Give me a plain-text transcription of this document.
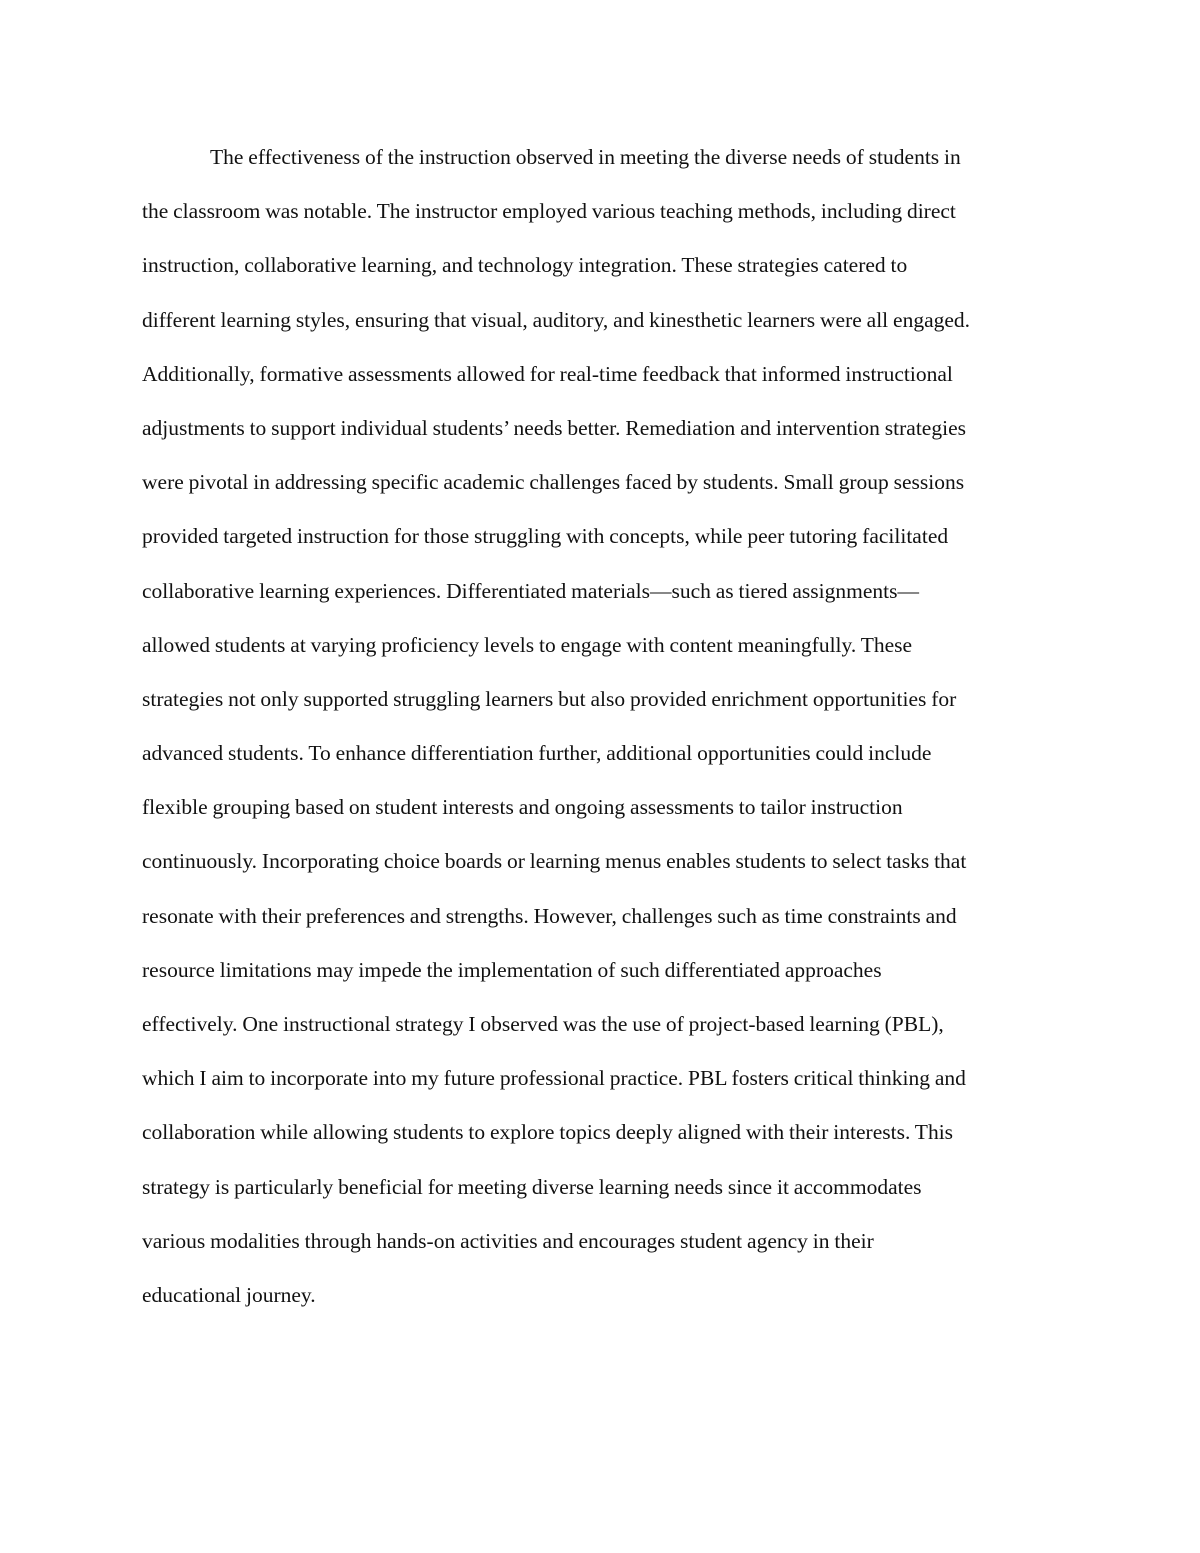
The effectiveness of the instruction observed in meeting the diverse needs of students in
the classroom was notable. The instructor employed various teaching methods, including direct
instruction, collaborative learning, and technology integration. These strategies catered to
different learning styles, ensuring that visual, auditory, and kinesthetic learners were all engaged.
Additionally, formative assessments allowed for real-time feedback that informed instructional
adjustments to support individual students’ needs better. Remediation and intervention strategies
were pivotal in addressing specific academic challenges faced by students. Small group sessions
provided targeted instruction for those struggling with concepts, while peer tutoring facilitated
collaborative learning experiences. Differentiated materials—such as tiered assignments—
allowed students at varying proficiency levels to engage with content meaningfully. These
strategies not only supported struggling learners but also provided enrichment opportunities for
advanced students. To enhance differentiation further, additional opportunities could include
flexible grouping based on student interests and ongoing assessments to tailor instruction
continuously. Incorporating choice boards or learning menus enables students to select tasks that
resonate with their preferences and strengths. However, challenges such as time constraints and
resource limitations may impede the implementation of such differentiated approaches
effectively. One instructional strategy I observed was the use of project-based learning (PBL),
which I aim to incorporate into my future professional practice. PBL fosters critical thinking and
collaboration while allowing students to explore topics deeply aligned with their interests. This
strategy is particularly beneficial for meeting diverse learning needs since it accommodates
various modalities through hands-on activities and encourages student agency in their
educational journey.
